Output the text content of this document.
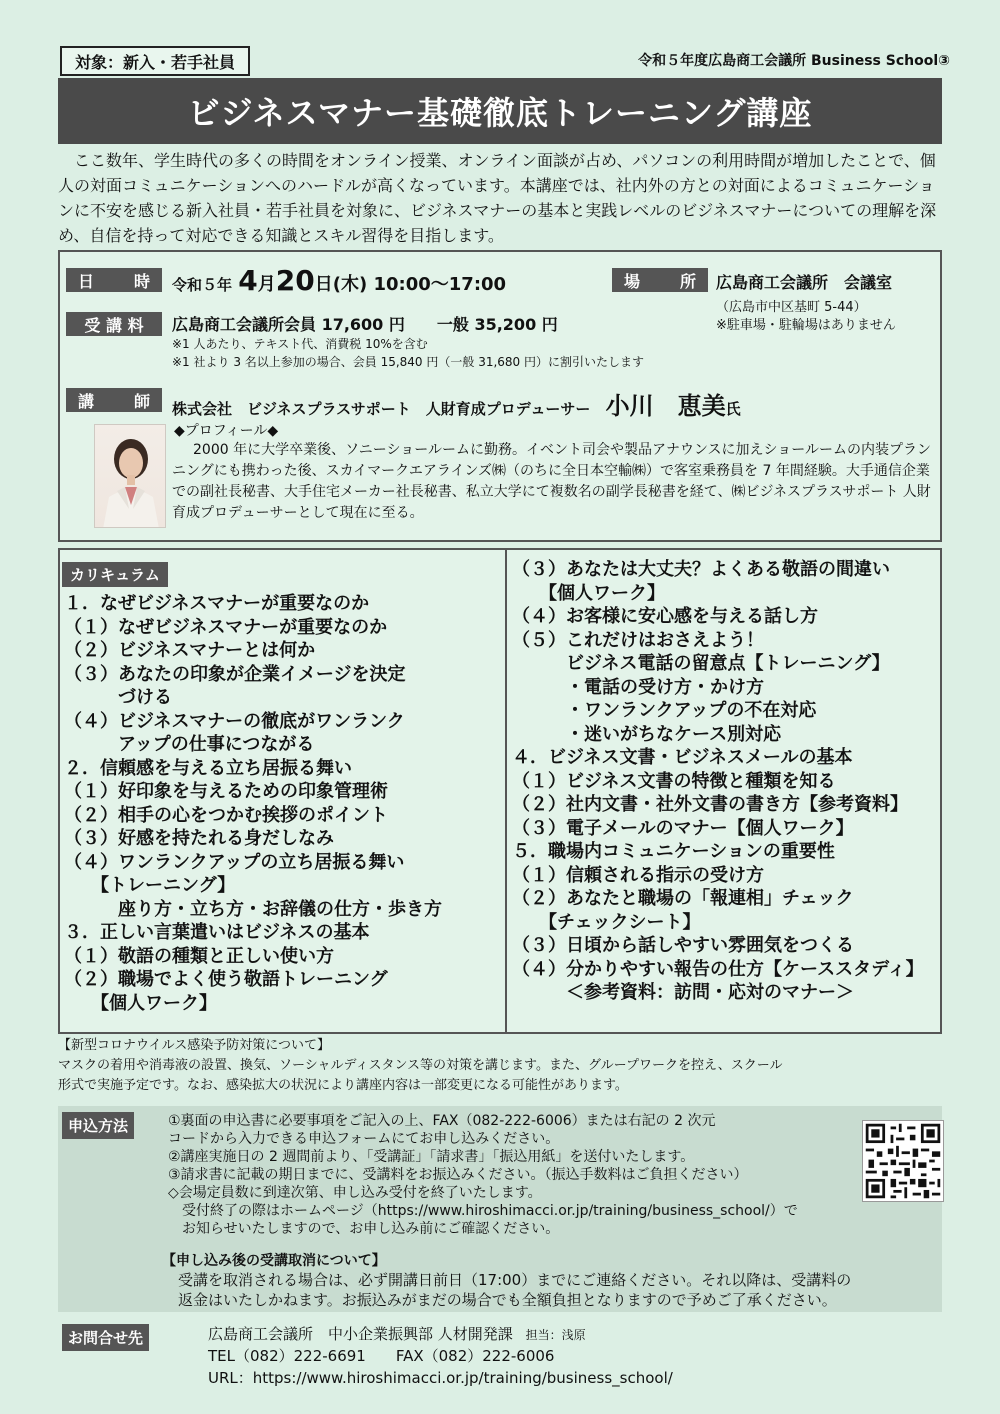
対象：新入・若手社員	令和５年度広島商工会議所 Business School③
ビジネスマナー基礎徹底トレーニング講座
ここ数年、学生時代の多くの時間をオンライン授業、オンライン面談が占め、パソコンの利用時間が増加したことで、個人の対面コミュニケーションへのハードルが高くなっています。本講座では、社内外の方との対面によるコミュニケーションに不安を感じる新入社員・若手社員を対象に、ビジネスマナーの基本と実践レベルのビジネスマナーについての理解を深め、自信を持って対応できる知識とスキル習得を目指します。
日 時 令和５年 4月20日(木) 10:00〜17:00	場 所 広島商工会議所　会議室
（広島市中区基町 5-44）
※駐車場・駐輪場はありません
受 講 料 広島商工会議所会員 17,600 円　　一般 35,200 円
※1 人あたり、テキスト代、消費税 10%を含む
※1 社より 3 名以上参加の場合、会員 15,840 円（一般 31,680 円）に割引いたします
講 師 株式会社　ビジネスプラスサポート　人財育成プロデューサー 小川　恵美氏
◆プロフィール◆
2000 年に大学卒業後、ソニーショールームに勤務。イベント司会や製品アナウンスに加えショールームの内装プランニングにも携わった後、スカイマークエアラインズ㈱（のちに全日本空輸㈱）で客室乗務員を 7 年間経験。大手通信企業での副社長秘書、大手住宅メーカー社長秘書、私立大学にて複数名の副学長秘書を経て、㈱ビジネスプラスサポート 人財育成プロデューサーとして現在に至る。
カリキュラム
１．なぜビジネスマナーが重要なのか
（１）なぜビジネスマナーが重要なのか
（２）ビジネスマナーとは何か
（３）あなたの印象が企業イメージを決定
　　　づける
（４）ビジネスマナーの徹底がワンランク
　　　アップの仕事につながる
２．信頼感を与える立ち居振る舞い
（１）好印象を与えるための印象管理術
（２）相手の心をつかむ挨拶のポイント
（３）好感を持たれる身だしなみ
（４）ワンランクアップの立ち居振る舞い
　　【トレーニング】
　　　座り方・立ち方・お辞儀の仕方・歩き方
３．正しい言葉遣いはビジネスの基本
（１）敬語の種類と正しい使い方
（２）職場でよく使う敬語トレーニング
　　【個人ワーク】
（３）あなたは大丈夫？よくある敬語の間違い
　　【個人ワーク】
（４）お客様に安心感を与える話し方
（５）これだけはおさえよう！
　　　ビジネス電話の留意点【トレーニング】
　　　・電話の受け方・かけ方
　　　・ワンランクアップの不在対応
　　　・迷いがちなケース別対応
４．ビジネス文書・ビジネスメールの基本
（１）ビジネス文書の特徴と種類を知る
（２）社内文書・社外文書の書き方【参考資料】
（３）電子メールのマナー【個人ワーク】
５．職場内コミュニケーションの重要性
（１）信頼される指示の受け方
（２）あなたと職場の「報連相」チェック
　　【チェックシート】
（３）日頃から話しやすい雰囲気をつくる
（４）分かりやすい報告の仕方【ケーススタディ】
　　　＜参考資料：訪問・応対のマナー＞
【新型コロナウイルス感染予防対策について】
マスクの着用や消毒液の設置、換気、ソーシャルディスタンス等の対策を講じます。また、グループワークを控え、スクール
形式で実施予定です。なお、感染拡大の状況により講座内容は一部変更になる可能性があります。
申込方法	①裏面の申込書に必要事項をご記入の上、FAX（082-222-6006）または右記の 2 次元
コードから入力できる申込フォームにてお申し込みください。
②講座実施日の 2 週間前より、「受講証」「請求書」「振込用紙」を送付いたします。
③請求書に記載の期日までに、受講料をお振込みください。（振込手数料はご負担ください）
◇会場定員数に到達次第、申し込み受付を終了いたします。
　受付終了の際はホームページ（https://www.hiroshimacci.or.jp/training/business_school/）で
　お知らせいたしますので、お申し込み前にご確認ください。
【申し込み後の受講取消について】
受講を取消される場合は、必ず開講日前日（17:00）までにご連絡ください。それ以降は、受講料の
返金はいたしかねます。お振込みがまだの場合でも全額負担となりますので予めご了承ください。
お問合せ先	広島商工会議所　中小企業振興部 人材開発課 担当：浅原
TEL（082）222-6691　　FAX（082）222-6006
URL：https://www.hiroshimacci.or.jp/training/business_school/
